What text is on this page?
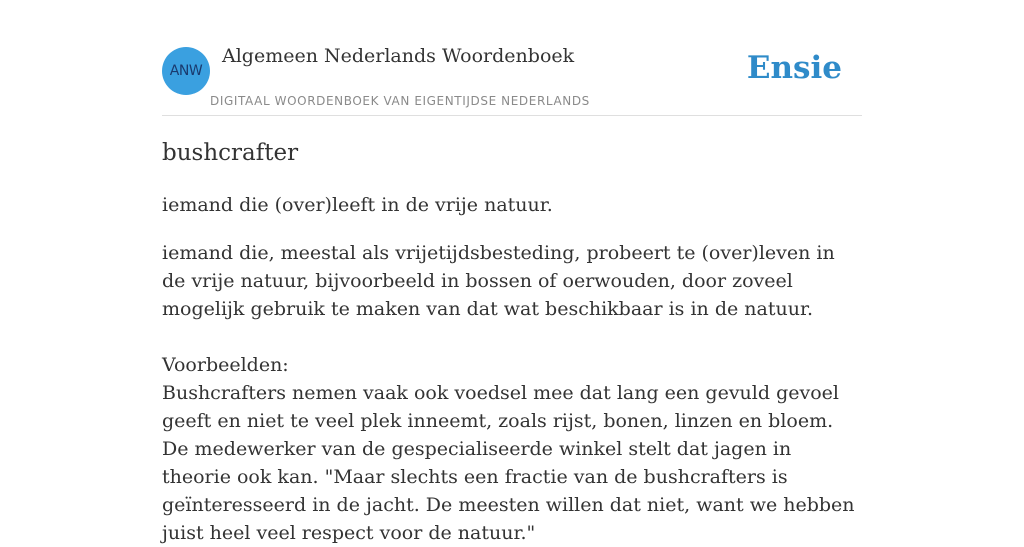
ANW
Algemeen Nederlands Woordenboek
DIGITAAL WOORDENBOEK VAN EIGENTIJDSE NEDERLANDS
Ensie
bushcrafter

iemand die (over)leeft in de vrije natuur.

iemand die, meestal als vrijetijdsbesteding, probeert te (over)leven in de vrije natuur, bijvoorbeeld in bossen of oerwouden, door zoveel mogelijk gebruik te maken van dat wat beschikbaar is in de natuur.
Voorbeelden:
Bushcrafters nemen vaak ook voedsel mee dat lang een gevuld gevoel geeft en niet te veel plek inneemt, zoals rijst, bonen, linzen en bloem. De medewerker van de gespecialiseerde winkel stelt dat jagen in theorie ook kan. "Maar slechts een fractie van de bushcrafters is geïnteresseerd in de jacht. De meesten willen dat niet, want we hebben juist heel veel respect voor de natuur."
